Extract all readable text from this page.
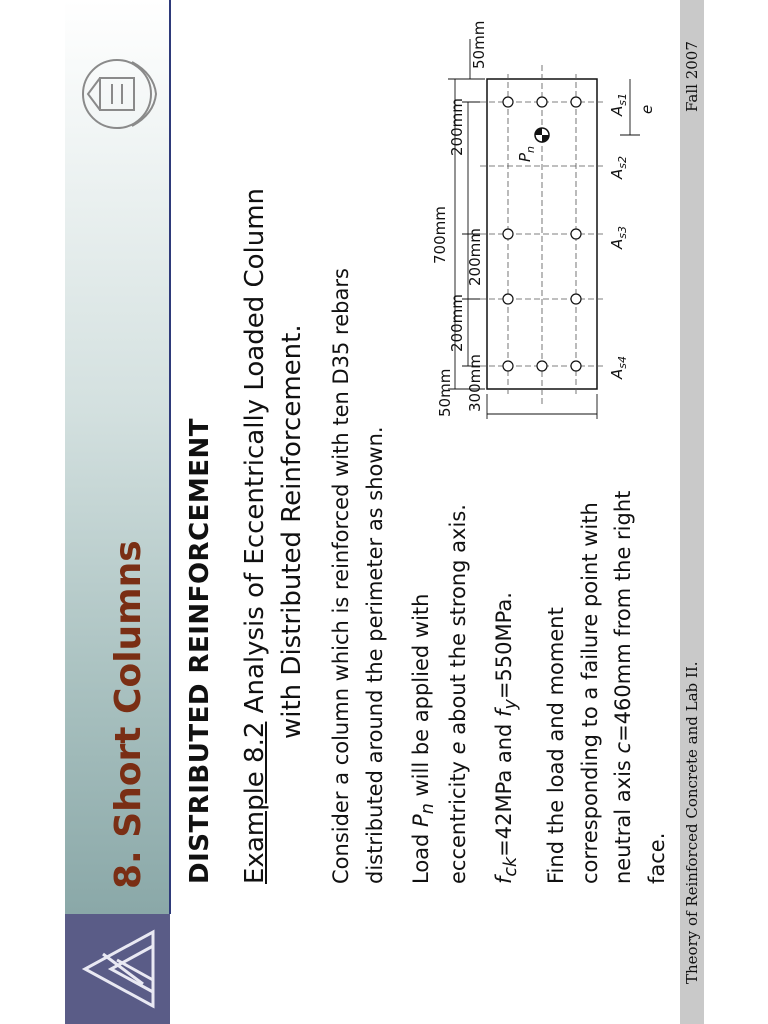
8. Short Columns DISTRIBUTED REINFORCEMENT Example 8.2 Analysis of Eccentrically Loaded Column with Distributed Reinforcement. Consider a column which is reinforced with ten D35 rebars distributed around the perimeter as shown. Load $P_n$ will be applied with
eccentricity e about the strong axis.
$f_{ck}=42MPa$ and $f_y=550MPa$.	Find the load and moment corresponding to a failure point with neutral axis c=460mm from the right
face.
700mm
200mm
200mm
200mm
50mm
50mm
300mm
$P_n$
e
$A_{s1}$
$A_{s2}$
$A_{s3}$
$A_{s4}$
Theory of Reinforced Concrete and Lab II.
Fall 2007
